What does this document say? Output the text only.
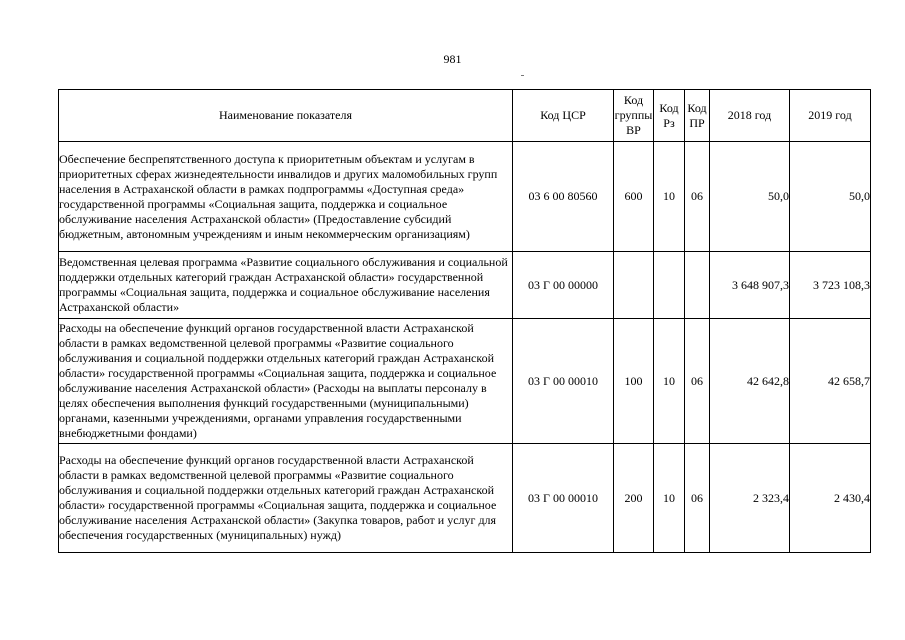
981
Наименование показателя	Код ЦСР	Код группы ВР	Код Рз	Код ПР	2018 год	2019 год
Обеспечение беспрепятственного доступа к приоритетным объектам и услугам в приоритетных сферах жизнедеятельности инвалидов и других маломобильных групп населения в Астраханской области в рамках подпрограммы «Доступная среда» государственной программы «Социальная защита, поддержка и социальное обслуживание населения Астраханской области» (Предоставление субсидий бюджетным, автономным учреждениям и иным некоммерческим организациям)	03 6 00 80560	600	10	06	50,0	50,0
Ведомственная целевая программа «Развитие социального обслуживания и социальной поддержки отдельных категорий граждан Астраханской области» государственной программы «Социальная защита, поддержка и социальное обслуживание населения Астраханской области»	03 Г 00 00000				3 648 907,3	3 723 108,3
Расходы на обеспечение функций органов государственной власти Астраханской области в рамках ведомственной целевой программы «Развитие социального обслуживания и социальной поддержки отдельных категорий граждан Астраханской области» государственной программы «Социальная защита, поддержка и социальное обслуживание населения Астраханской области» (Расходы на выплаты персоналу в целях обеспечения выполнения функций государственными (муниципальными) органами, казенными учреждениями, органами управления государственными внебюджетными фондами)	03 Г 00 00010	100	10	06	42 642,8	42 658,7
Расходы на обеспечение функций органов государственной власти Астраханской области в рамках ведомственной целевой программы «Развитие социального обслуживания и социальной поддержки отдельных категорий граждан Астраханской области» государственной программы «Социальная защита, поддержка и социальное обслуживание населения Астраханской области» (Закупка товаров, работ и услуг для обеспечения государственных (муниципальных) нужд)	03 Г 00 00010	200	10	06	2 323,4	2 430,4
